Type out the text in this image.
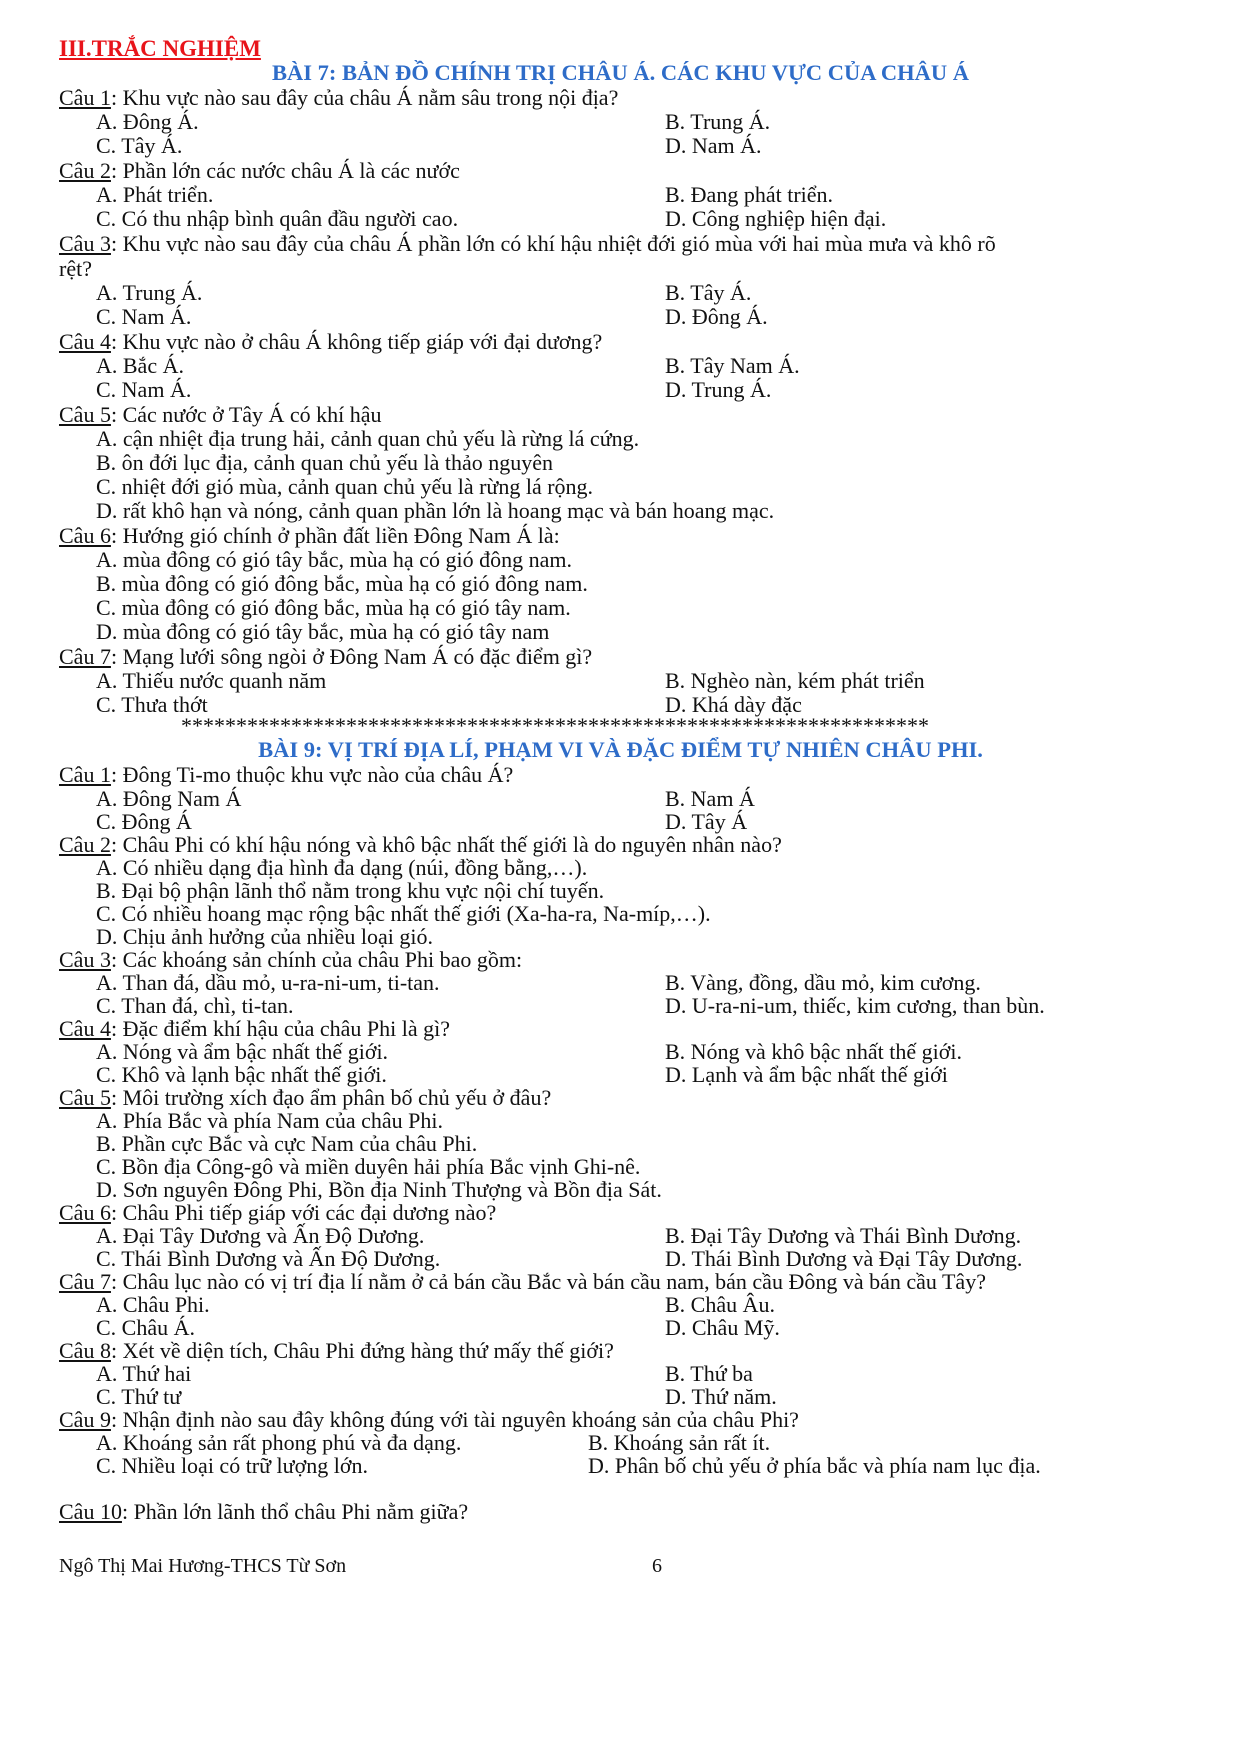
III.TRẮC NGHIỆM
BÀI 7: BẢN ĐỒ CHÍNH TRỊ CHÂU Á. CÁC KHU VỰC CỦA CHÂU Á
Câu 1: Khu vực nào sau đây của châu Á nằm sâu trong nội địa?
A. Đông Á.	B. Trung Á.
C. Tây Á.	D. Nam Á.
Câu 2: Phần lớn các nước châu Á là các nước
A. Phát triển.	B. Đang phát triển.
C. Có thu nhập bình quân đầu người cao.	D. Công nghiệp hiện đại.
Câu 3: Khu vực nào sau đây của châu Á phần lớn có khí hậu nhiệt đới gió mùa với hai mùa mưa và khô rõ
rệt?
A. Trung Á.	B. Tây Á.
C. Nam Á.	D. Đông Á.
Câu 4: Khu vực nào ở châu Á không tiếp giáp với đại dương?
A. Bắc Á.	B. Tây Nam Á.
C. Nam Á.	D. Trung Á.
Câu 5: Các nước ở Tây Á có khí hậu
A. cận nhiệt địa trung hải, cảnh quan chủ yếu là rừng lá cứng.
B. ôn đới lục địa, cảnh quan chủ yếu là thảo nguyên
C. nhiệt đới gió mùa, cảnh quan chủ yếu là rừng lá rộng.
D. rất khô hạn và nóng, cảnh quan phần lớn là hoang mạc và bán hoang mạc.
Câu 6: Hướng gió chính ở phần đất liền Đông Nam Á là:
A. mùa đông có gió tây bắc, mùa hạ có gió đông nam.
B. mùa đông có gió đông bắc, mùa hạ có gió đông nam.
C. mùa đông có gió đông bắc, mùa hạ có gió tây nam.
D. mùa đông có gió tây bắc, mùa hạ có gió tây nam
Câu 7: Mạng lưới sông ngòi ở Đông Nam Á có đặc điểm gì?
A. Thiếu nước quanh năm	B. Nghèo nàn, kém phát triển
C. Thưa thớt	D. Khá dày đặc
********************************************************************
BÀI 9: VỊ TRÍ ĐỊA LÍ, PHẠM VI VÀ ĐẶC ĐIỂM TỰ NHIÊN CHÂU PHI.
Câu 1: Đông Ti-mo thuộc khu vực nào của châu Á?
A. Đông Nam Á	B. Nam Á
C. Đông Á	D. Tây Á
Câu 2: Châu Phi có khí hậu nóng và khô bậc nhất thế giới là do nguyên nhân nào?
A. Có nhiều dạng địa hình đa dạng (núi, đồng bằng,…).
B. Đại bộ phận lãnh thổ nằm trong khu vực nội chí tuyến.
C. Có nhiều hoang mạc rộng bậc nhất thế giới (Xa-ha-ra, Na-míp,…).
D. Chịu ảnh hưởng của nhiều loại gió.
Câu 3: Các khoáng sản chính của châu Phi bao gồm:
A. Than đá, dầu mỏ, u-ra-ni-um, ti-tan.	B. Vàng, đồng, dầu mỏ, kim cương.
C. Than đá, chì, ti-tan.	D. U-ra-ni-um, thiếc, kim cương, than bùn.
Câu 4: Đặc điểm khí hậu của châu Phi là gì?
A. Nóng và ẩm bậc nhất thế giới.	B. Nóng và khô bậc nhất thế giới.
C. Khô và lạnh bậc nhất thế giới.	D. Lạnh và ẩm bậc nhất thế giới
Câu 5: Môi trường xích đạo ẩm phân bố chủ yếu ở đâu?
A. Phía Bắc và phía Nam của châu Phi.
B. Phần cực Bắc và cực Nam của châu Phi.
C. Bồn địa Công-gô và miền duyên hải phía Bắc vịnh Ghi-nê.
D. Sơn nguyên Đông Phi, Bồn địa Ninh Thượng và Bồn địa Sát.
Câu 6: Châu Phi tiếp giáp với các đại dương nào?
A. Đại Tây Dương và Ấn Độ Dương.	B. Đại Tây Dương và Thái Bình Dương.
C. Thái Bình Dương và Ấn Độ Dương.	D. Thái Bình Dương và Đại Tây Dương.
Câu 7: Châu lục nào có vị trí địa lí nằm ở cả bán cầu Bắc và bán cầu nam, bán cầu Đông và bán cầu Tây?
A. Châu Phi.	B. Châu Âu.
C. Châu Á.	D. Châu Mỹ.
Câu 8: Xét về diện tích, Châu Phi đứng hàng thứ mấy thế giới?
A. Thứ hai	B. Thứ ba
C. Thứ tư	D. Thứ năm.
Câu 9: Nhận định nào sau đây không đúng với tài nguyên khoáng sản của châu Phi?
A. Khoáng sản rất phong phú và đa dạng.	B. Khoáng sản rất ít.
C. Nhiều loại có trữ lượng lớn.	D. Phân bố chủ yếu ở phía bắc và phía nam lục địa.
Câu 10: Phần lớn lãnh thổ châu Phi nằm giữa?
Ngô Thị Mai Hương-THCS Từ Sơn	6
